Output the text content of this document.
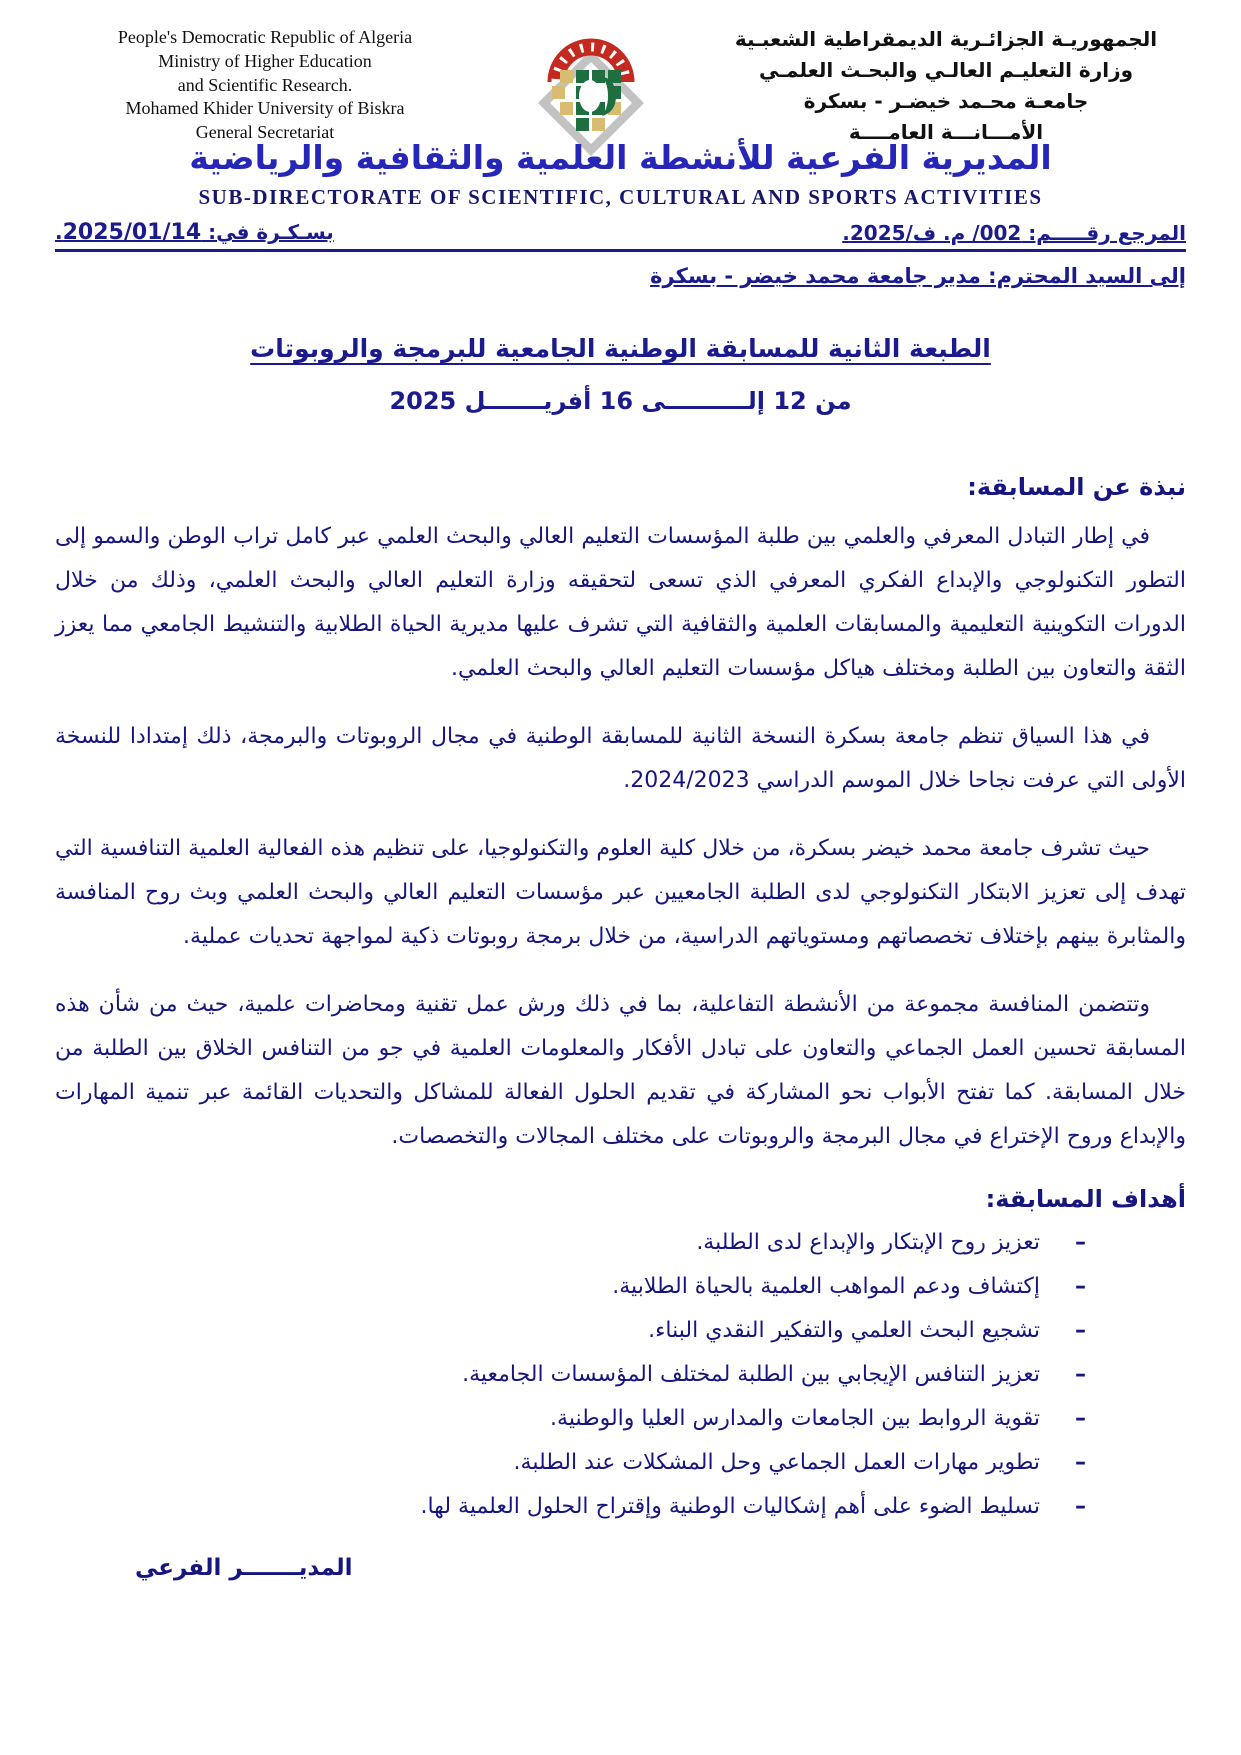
People's Democratic Republic of Algeria
Ministry of Higher Education
and Scientific Research.
Mohamed Khider University of Biskra
General Secretariat
الجمهوريـة الجزائـرية الديمقراطية الشعبـية
وزارة التعليـم العالـي والبحـث العلمـي
جامعـة محـمد خيضـر - بسكرة
الأمـــانـــة العامــــة
المديرية الفرعية للأنشطة العلمية والثقافية والرياضية
SUB-DIRECTORATE OF SCIENTIFIC, CULTURAL AND SPORTS ACTIVITIES
المرجع رقـــــم: 002/ م. ف/2025.
بسـكـرة في: 2025/01/14.
إلى السيد المحترم: مدير جامعة محمد خيضر - بسكرة
الطبعة الثانية للمسابقة الوطنية الجامعية للبرمجة والروبوتات
من 12 إلــــــــــى 16 أفريـــــــل 2025
نبذة عن المسابقة:
في إطار التبادل المعرفي والعلمي بين طلبة المؤسسات التعليم العالي والبحث العلمي عبر كامل تراب الوطن والسمو إلى التطور التكنولوجي والإبداع الفكري المعرفي الذي تسعى لتحقيقه وزارة التعليم العالي والبحث العلمي، وذلك من خلال الدورات التكوينية التعليمية والمسابقات العلمية والثقافية التي تشرف عليها مديرية الحياة الطلابية والتنشيط الجامعي مما يعزز الثقة والتعاون بين الطلبة ومختلف هياكل مؤسسات التعليم العالي والبحث العلمي.
في هذا السياق تنظم جامعة بسكرة النسخة الثانية للمسابقة الوطنية في مجال الروبوتات والبرمجة، ذلك إمتدادا للنسخة الأولى التي عرفت نجاحا خلال الموسم الدراسي 2024/2023.
حيث تشرف جامعة محمد خيضر بسكرة، من خلال كلية العلوم والتكنولوجيا، على تنظيم هذه الفعالية العلمية التنافسية التي تهدف إلى تعزيز الابتكار التكنولوجي لدى الطلبة الجامعيين عبر مؤسسات التعليم العالي والبحث العلمي وبث روح المنافسة والمثابرة بينهم بإختلاف تخصصاتهم ومستوياتهم الدراسية، من خلال برمجة روبوتات ذكية لمواجهة تحديات عملية.
وتتضمن المنافسة مجموعة من الأنشطة التفاعلية، بما في ذلك ورش عمل تقنية ومحاضرات علمية، حيث من شأن هذه المسابقة تحسين العمل الجماعي والتعاون على تبادل الأفكار والمعلومات العلمية في جو من التنافس الخلاق بين الطلبة من خلال المسابقة. كما تفتح الأبواب نحو المشاركة في تقديم الحلول الفعالة للمشاكل والتحديات القائمة عبر تنمية المهارات والإبداع وروح الإختراع في مجال البرمجة والروبوتات على مختلف المجالات والتخصصات.
أهداف المسابقة:
–
تعزيز روح الإبتكار والإبداع لدى الطلبة.
–
إكتشاف ودعم المواهب العلمية بالحياة الطلابية.
–
تشجيع البحث العلمي والتفكير النقدي البناء.
–
تعزيز التنافس الإيجابي بين الطلبة لمختلف المؤسسات الجامعية.
–
تقوية الروابط بين الجامعات والمدارس العليا والوطنية.
–
تطوير مهارات العمل الجماعي وحل المشكلات عند الطلبة.
–
تسليط الضوء على أهم إشكاليات الوطنية وإقتراح الحلول العلمية لها.
المديـــــــر الفرعي
